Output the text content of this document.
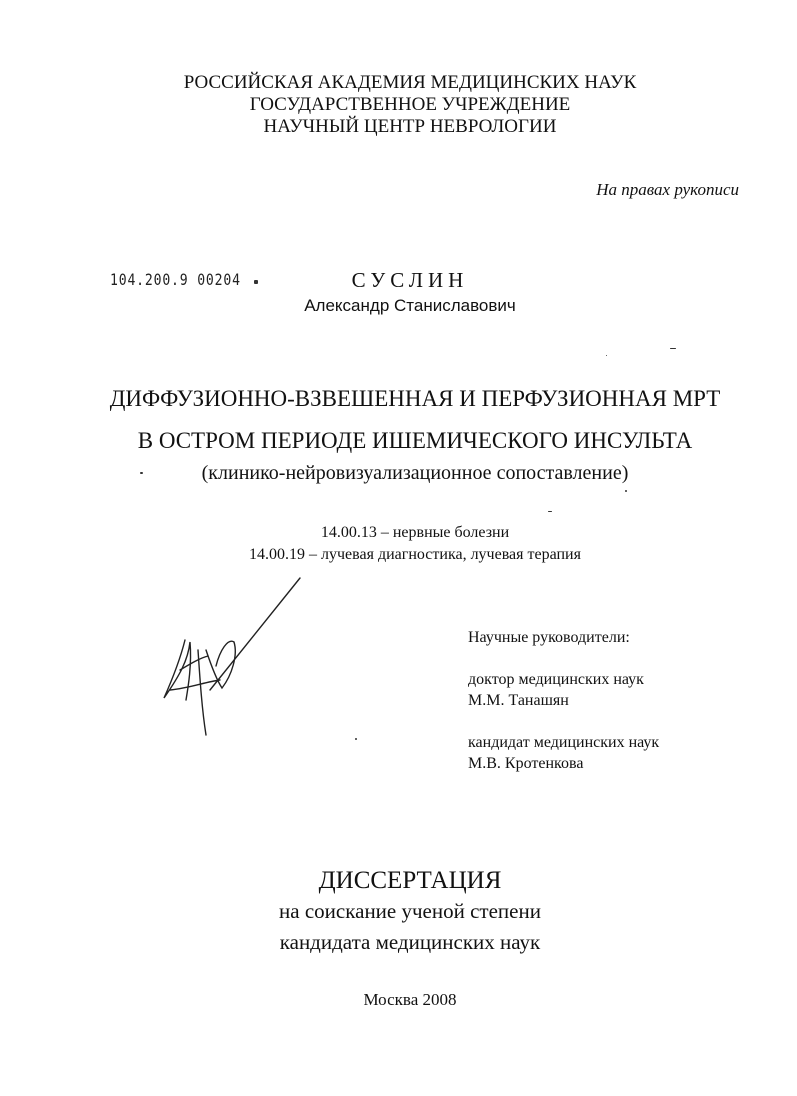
РОССИЙСКАЯ АКАДЕМИЯ МЕДИЦИНСКИХ НАУК
ГОСУДАРСТВЕННОЕ УЧРЕЖДЕНИЕ
НАУЧНЫЙ ЦЕНТР НЕВРОЛОГИИ
На правах рукописи
104.200.9 00204	СУСЛИН
Александр Станиславович
ДИФФУЗИОННО-ВЗВЕШЕННАЯ И ПЕРФУЗИОННАЯ МРТ
В ОСТРОМ ПЕРИОДЕ ИШЕМИЧЕСКОГО ИНСУЛЬТА
(клинико-нейровизуализационное сопоставление)
14.00.13 – нервные болезни
14.00.19 – лучевая диагностика, лучевая терапия
Научные руководители:
доктор медицинских наук
М.М. Танашян
кандидат медицинских наук
М.В. Кротенкова
ДИССЕРТАЦИЯ
на соискание ученой степени
кандидата медицинских наук
Москва 2008
